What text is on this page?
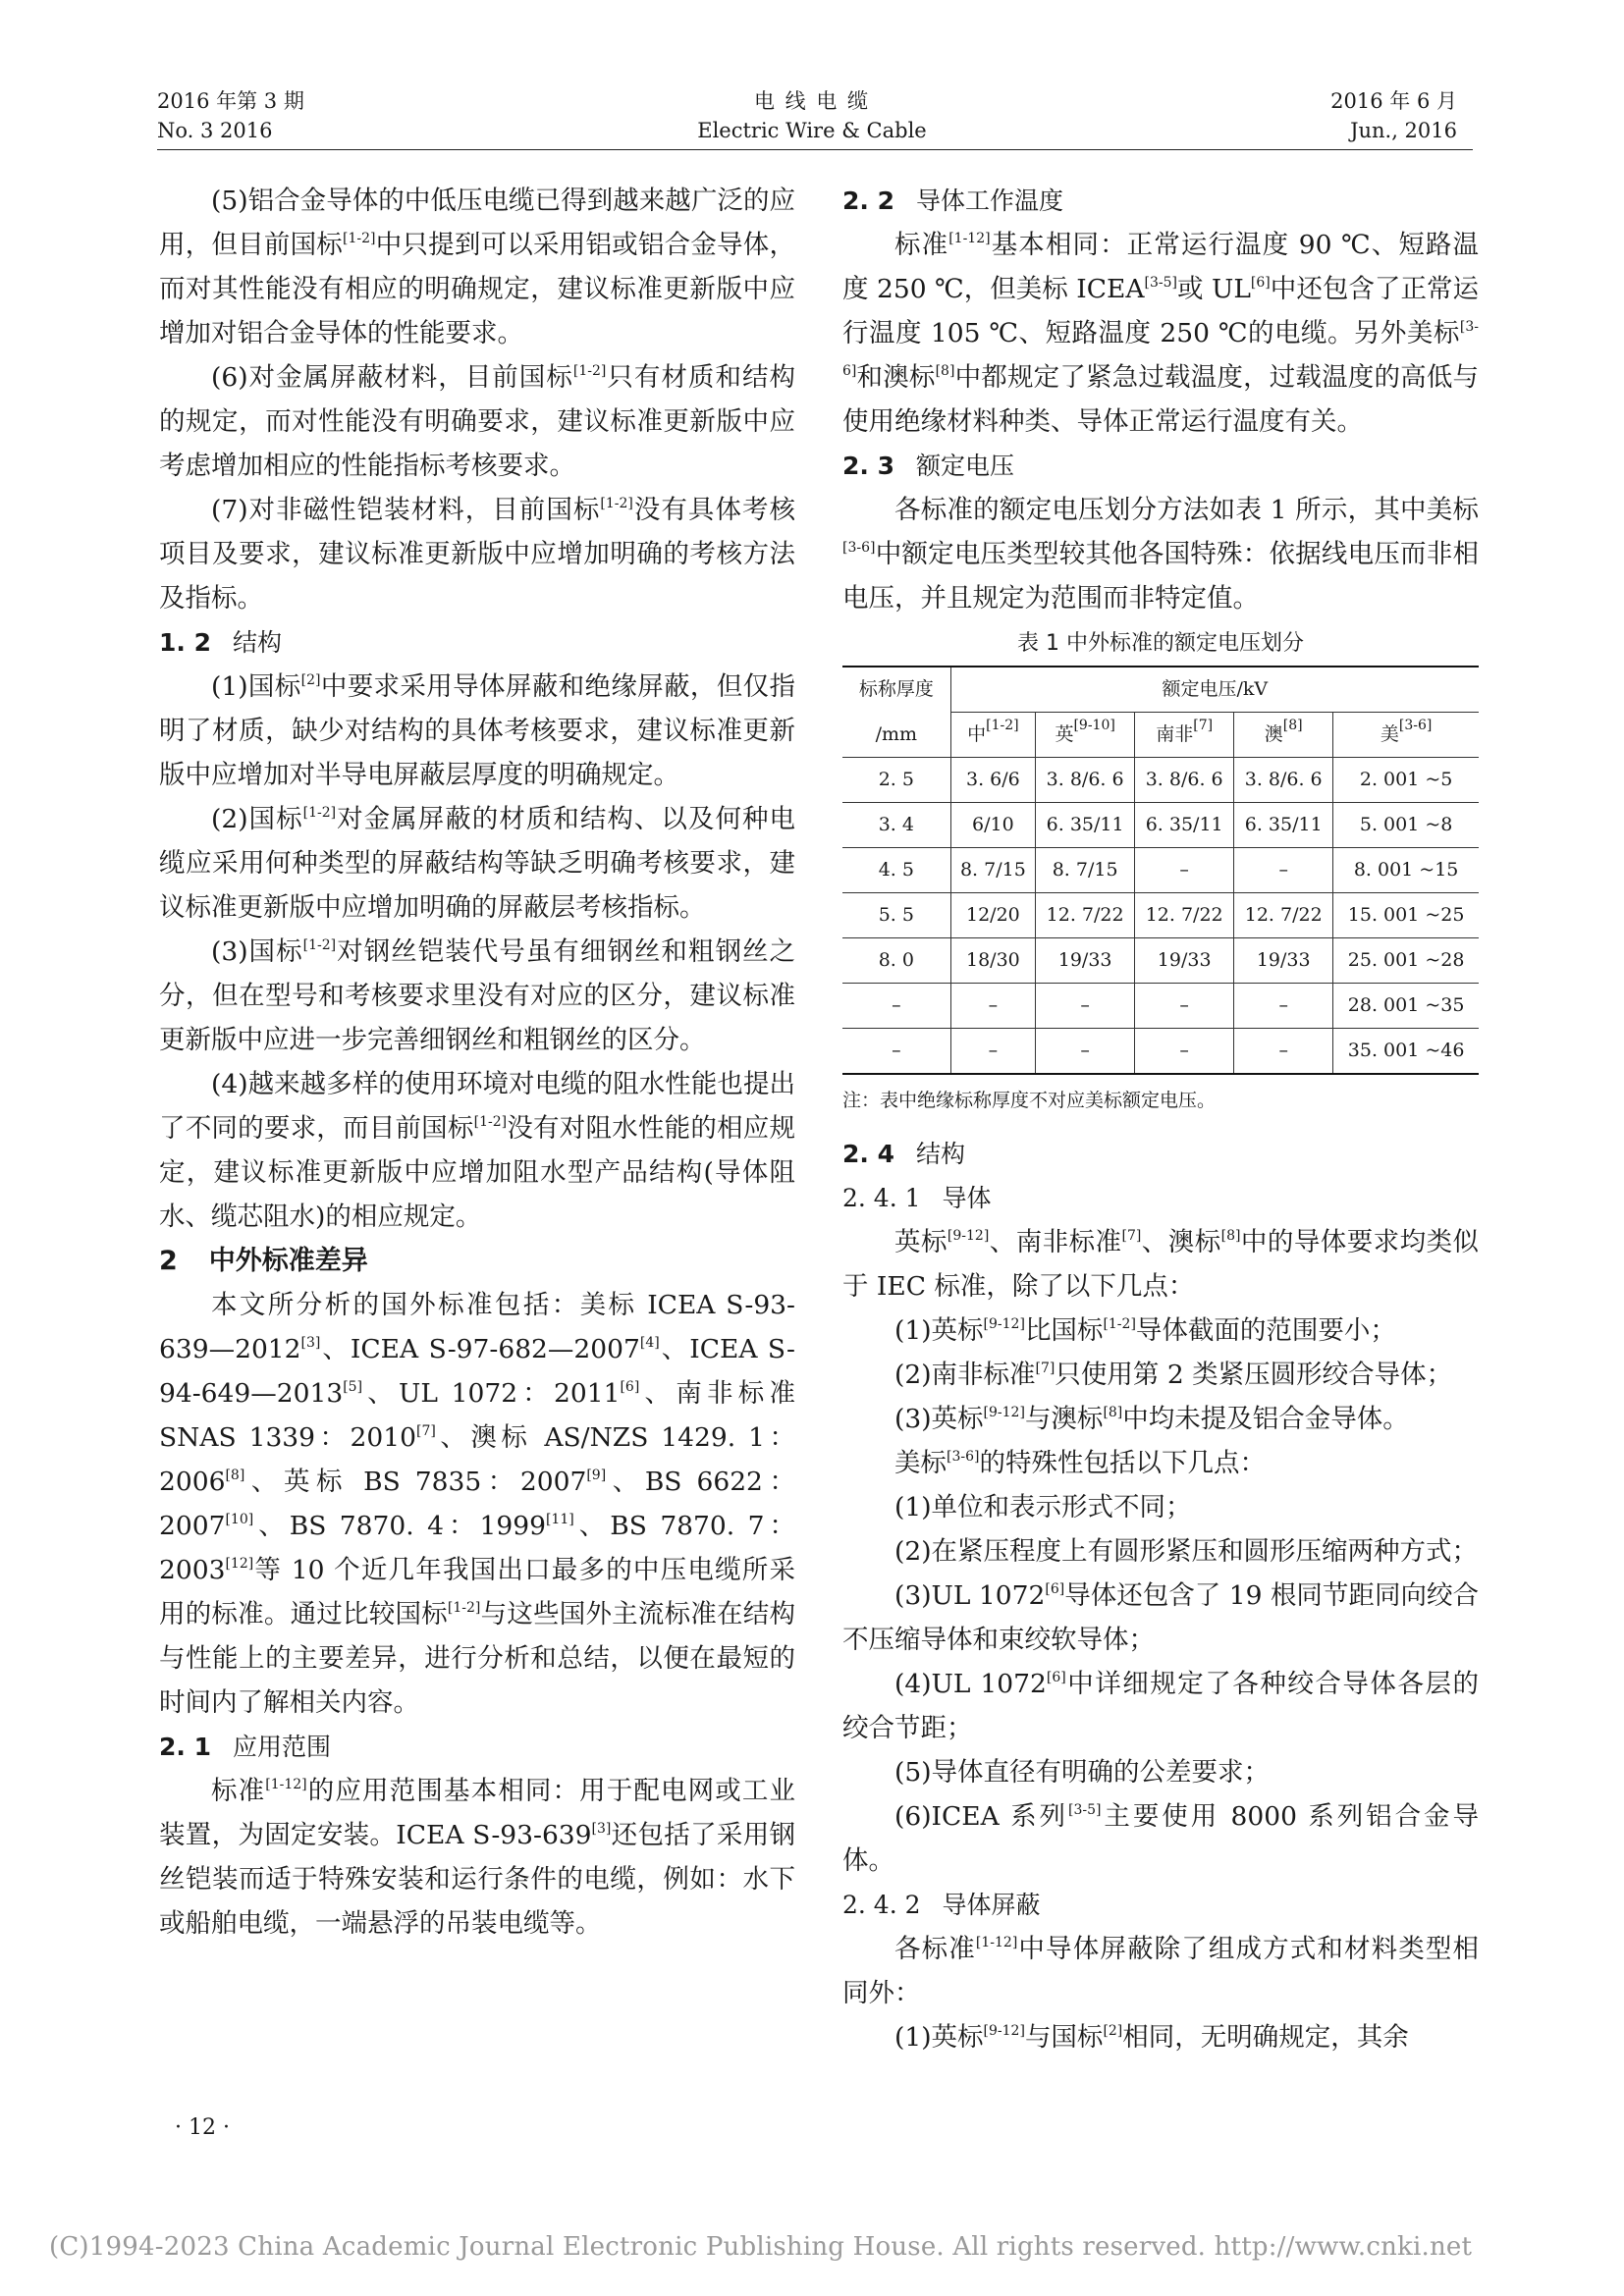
2016 年第 3 期
No. 3 2016
电 线 电 缆
Electric Wire & Cable
2016 年 6 月
Jun., 2016

(5)铝合金导体的中低压电缆已得到越来越广泛的应用，但目前国标[1-2]中只提到可以采用铝或铝合金导体，而对其性能没有相应的明确规定，建议标准更新版中应增加对铝合金导体的性能要求。

(6)对金属屏蔽材料，目前国标[1-2]只有材质和结构的规定，而对性能没有明确要求，建议标准更新版中应考虑增加相应的性能指标考核要求。

(7)对非磁性铠装材料，目前国标[1-2]没有具体考核项目及要求，建议标准更新版中应增加明确的考核方法及指标。

1. 2 结构

(1)国标[2]中要求采用导体屏蔽和绝缘屏蔽，但仅指明了材质，缺少对结构的具体考核要求，建议标准更新版中应增加对半导电屏蔽层厚度的明确规定。

(2)国标[1-2]对金属屏蔽的材质和结构、以及何种电缆应采用何种类型的屏蔽结构等缺乏明确考核要求，建议标准更新版中应增加明确的屏蔽层考核指标。

(3)国标[1-2]对钢丝铠装代号虽有细钢丝和粗钢丝之分，但在型号和考核要求里没有对应的区分，建议标准更新版中应进一步完善细钢丝和粗钢丝的区分。

(4)越来越多样的使用环境对电缆的阻水性能也提出了不同的要求，而目前国标[1-2]没有对阻水性能的相应规定，建议标准更新版中应增加阻水型产品结构(导体阻水、缆芯阻水)的相应规定。

2 中外标准差异

本文所分析的国外标准包括：美标 ICEA S-93-639—2012[3]、ICEA S-97-682—2007[4]、ICEA S-94-649—2013[5]、UL 1072：2011[6]、南非标准 SNAS 1339：2010[7]、澳标 AS/NZS 1429. 1：2006[8]、英标 BS 7835：2007[9]、BS 6622：2007[10]、BS 7870. 4：1999[11]、BS 7870. 7：2003[12]等 10 个近几年我国出口最多的中压电缆所采用的标准。通过比较国标[1-2]与这些国外主流标准在结构与性能上的主要差异，进行分析和总结，以便在最短的时间内了解相关内容。

2. 1 应用范围

标准[1-12]的应用范围基本相同：用于配电网或工业装置，为固定安装。ICEA S-93-639[3]还包括了采用钢丝铠装而适于特殊安装和运行条件的电缆，例如：水下或船舶电缆，一端悬浮的吊装电缆等。

2. 2 导体工作温度

标准[1-12]基本相同：正常运行温度 90 ℃、短路温度 250 ℃，但美标 ICEA[3-5]或 UL[6]中还包含了正常运行温度 105 ℃、短路温度 250 ℃的电缆。另外美标[3-6]和澳标[8]中都规定了紧急过载温度，过载温度的高低与使用绝缘材料种类、导体正常运行温度有关。

2. 3 额定电压

各标准的额定电压划分方法如表 1 所示，其中美标[3-6]中额定电压类型较其他各国特殊：依据线电压而非相电压，并且规定为范围而非特定值。

表 1 中外标准的额定电压划分
标称厚度	额定电压/kV				
/mm	中[1-2]	英[9-10]	南非[7]	澳[8]	美[3-6]
2. 5	3. 6/6	3. 8/6. 6	3. 8/6. 6	3. 8/6. 6	2. 001 ~5
3. 4	6/10	6. 35/11	6. 35/11	6. 35/11	5. 001 ~8
4. 5	8. 7/15	8. 7/15	–	–	8. 001 ~15
5. 5	12/20	12. 7/22	12. 7/22	12. 7/22	15. 001 ~25
8. 0	18/30	19/33	19/33	19/33	25. 001 ~28
–	–	–	–	–	28. 001 ~35
–	–	–	–	–	35. 001 ~46
注：表中绝缘标称厚度不对应美标额定电压。

2. 4 结构

2. 4. 1 导体

英标[9-12]、南非标准[7]、澳标[8]中的导体要求均类似于 IEC 标准，除了以下几点：

(1)英标[9-12]比国标[1-2]导体截面的范围要小；

(2)南非标准[7]只使用第 2 类紧压圆形绞合导体；

(3)英标[9-12]与澳标[8]中均未提及铝合金导体。

美标[3-6]的特殊性包括以下几点：

(1)单位和表示形式不同；

(2)在紧压程度上有圆形紧压和圆形压缩两种方式；

(3)UL 1072[6]导体还包含了 19 根同节距同向绞合不压缩导体和束绞软导体；

(4)UL 1072[6]中详细规定了各种绞合导体各层的绞合节距；

(5)导体直径有明确的公差要求；

(6)ICEA 系列[3-5]主要使用 8000 系列铝合金导体。

2. 4. 2 导体屏蔽

各标准[1-12]中导体屏蔽除了组成方式和材料类型相同外：

(1)英标[9-12]与国标[2]相同，无明确规定，其余

· 12 ·
(C)1994-2023 China Academic Journal Electronic Publishing House. All rights reserved. http://www.cnki.net
